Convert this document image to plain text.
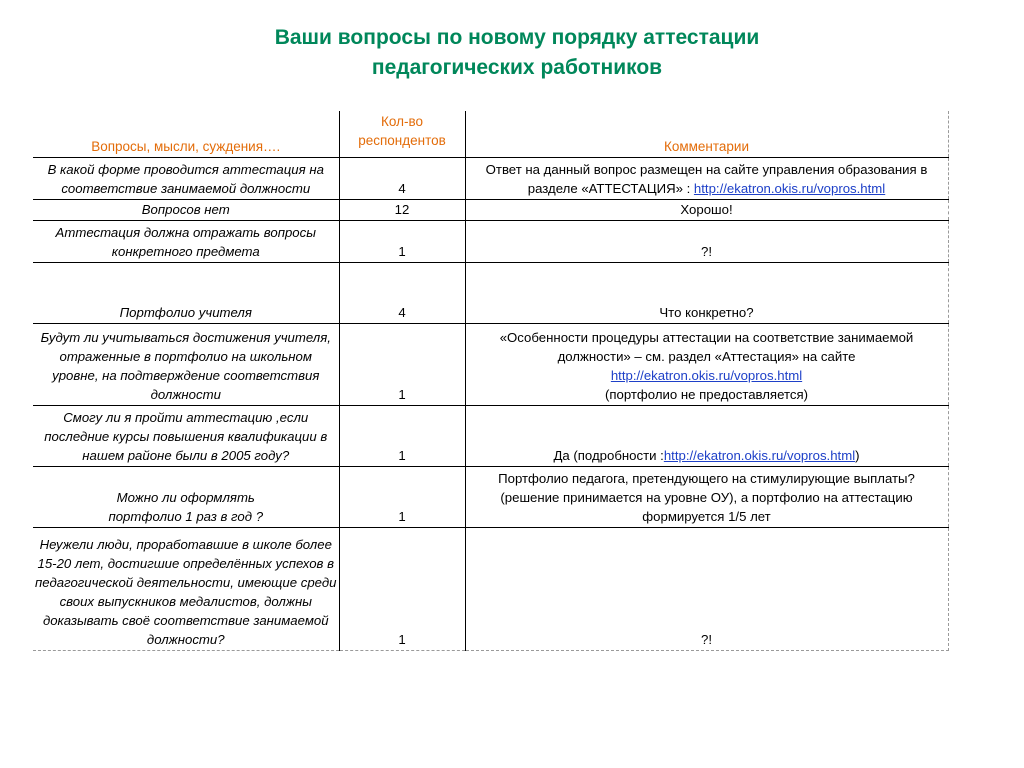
Ваши вопросы по новому порядку аттестации
педагогических работников
Вопросы, мысли, суждения….	Кол-во респондентов	Комментарии
В какой форме проводится аттестация на соответствие занимаемой должности	4	Ответ на данный вопрос размещен на сайте управления образования в разделе «АТТЕСТАЦИЯ» : http://ekatron.okis.ru/vopros.html
Вопросов нет	12	Хорошо!
Аттестация должна отражать вопросы конкретного предмета	1	?!
Портфолио учителя	4	Что конкретно?
Будут ли учитываться достижения учителя, отраженные в портфолио на школьном уровне, на подтверждение соответствия должности	1	«Особенности процедуры аттестации на соответствие занимаемой должности» – см. раздел «Аттестация» на сайте
http://ekatron.okis.ru/vopros.html
(портфолио не предоставляется)

Смогу ли я пройти аттестацию ,если последние курсы повышения квалификации в нашем районе были в 2005 году?	1	Да (подробности :http://ekatron.okis.ru/vopros.html)

Можно ли оформлять
портфолио 1 раз в год ?	1	Портфолио педагога, претендующего на стимулирующие выплаты? (решение принимается на уровне ОУ), а портфолио на аттестацию формируется 1/5 лет
Неужели люди, проработавшие в школе более 15-20 лет, достигшие определённых успехов в педагогической деятельности, имеющие среди своих выпускников медалистов, должны доказывать своё соответствие занимаемой должности?	1	?!
